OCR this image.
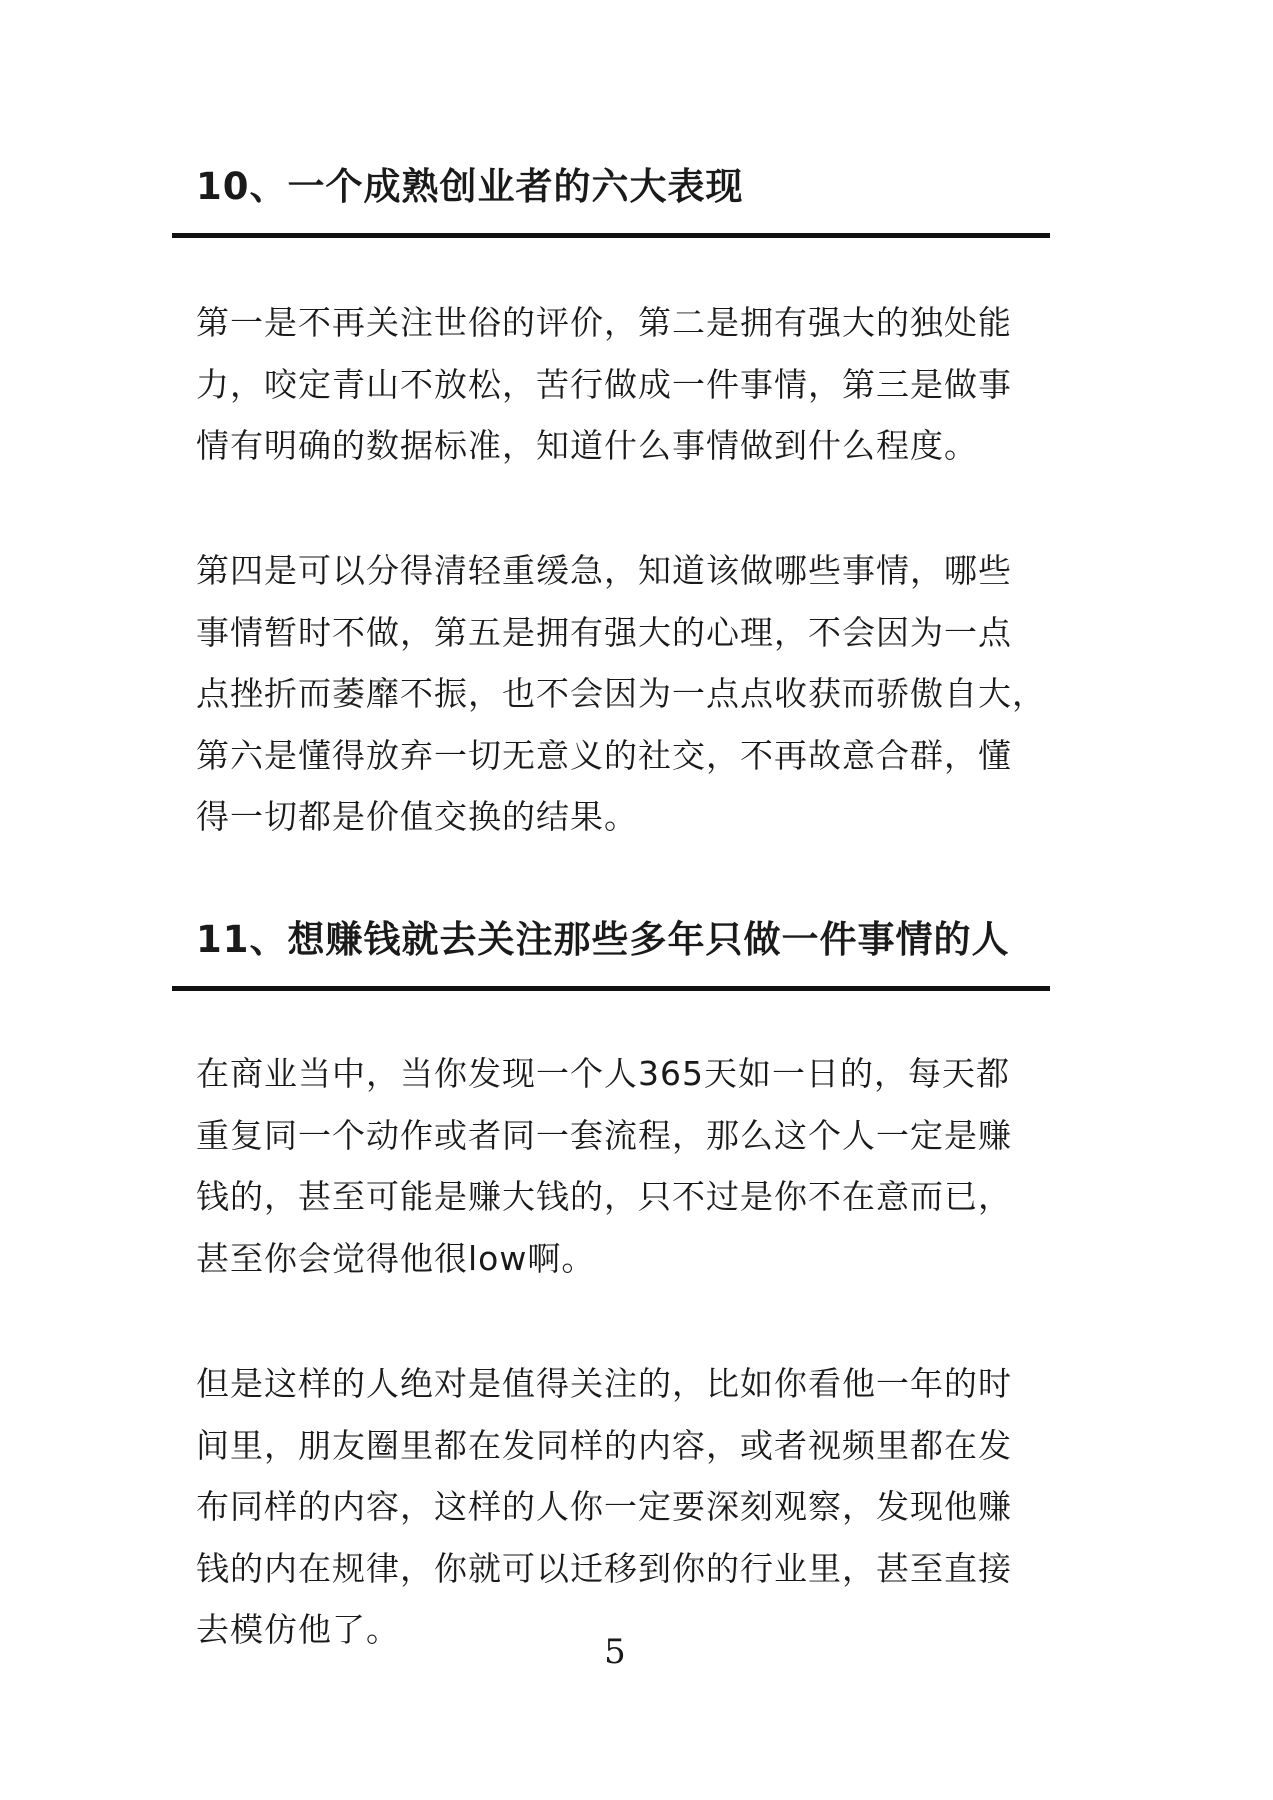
10、一个成熟创业者的六大表现

第一是不再关注世俗的评价，第二是拥有强大的独处能
力，咬定青山不放松，苦行做成一件事情，第三是做事
情有明确的数据标准，知道什么事情做到什么程度。

第四是可以分得清轻重缓急，知道该做哪些事情，哪些
事情暂时不做，第五是拥有强大的心理，不会因为一点
点挫折而萎靡不振，也不会因为一点点收获而骄傲自大，
第六是懂得放弃一切无意义的社交，不再故意合群，懂
得一切都是价值交换的结果。

11、想赚钱就去关注那些多年只做一件事情的人

在商业当中，当你发现一个人365天如一日的，每天都
重复同一个动作或者同一套流程，那么这个人一定是赚
钱的，甚至可能是赚大钱的，只不过是你不在意而已，
甚至你会觉得他很low啊。

但是这样的人绝对是值得关注的，比如你看他一年的时
间里，朋友圈里都在发同样的内容，或者视频里都在发
布同样的内容，这样的人你一定要深刻观察，发现他赚
钱的内在规律，你就可以迁移到你的行业里，甚至直接
去模仿他了。

5
